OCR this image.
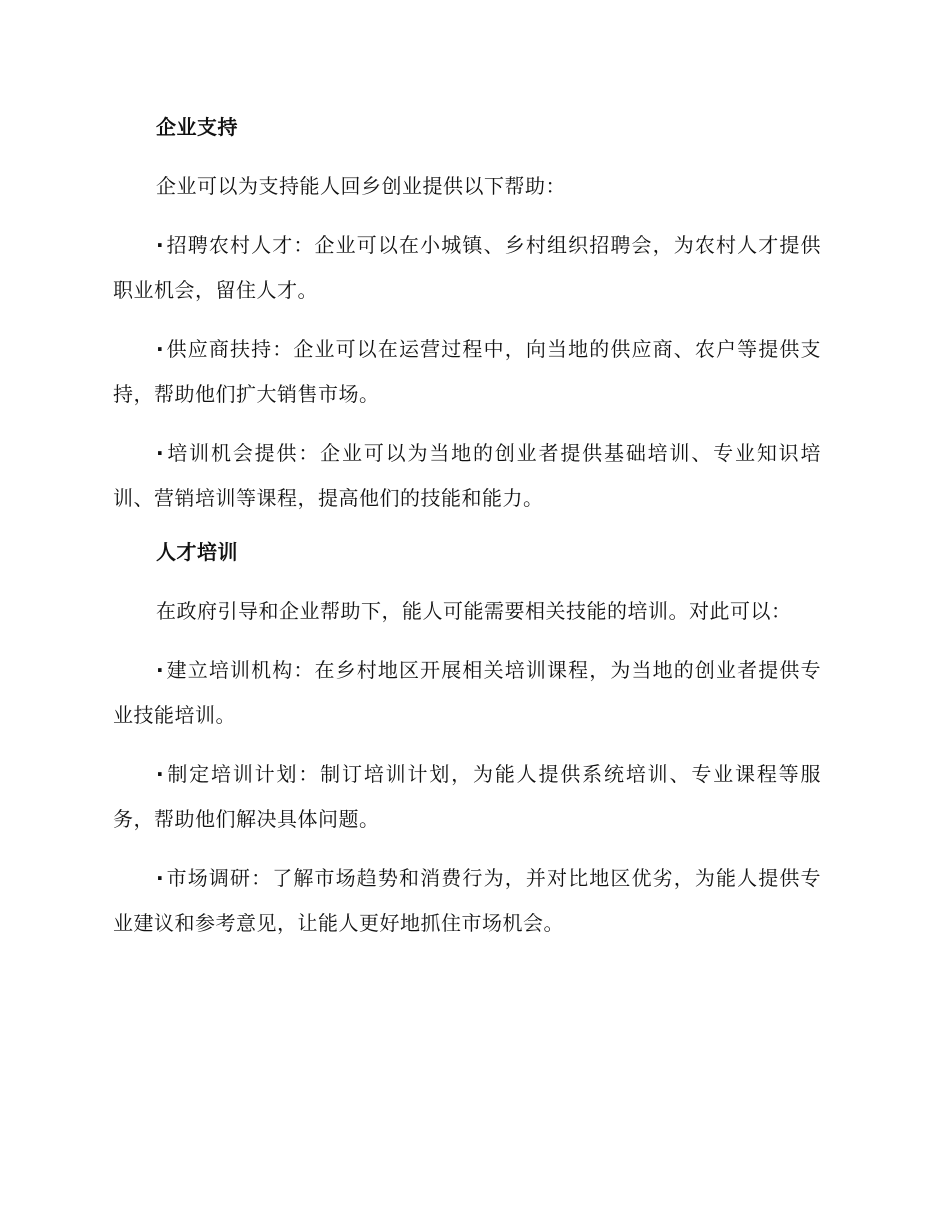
企业支持
企业可以为支持能人回乡创业提供以下帮助：
·招聘农村人才：企业可以在小城镇、乡村组织招聘会，为农村人才提供职业机会，留住人才。
·供应商扶持：企业可以在运营过程中，向当地的供应商、农户等提供支持，帮助他们扩大销售市场。
·培训机会提供：企业可以为当地的创业者提供基础培训、专业知识培训、营销培训等课程，提高他们的技能和能力。
人才培训
在政府引导和企业帮助下，能人可能需要相关技能的培训。对此可以：
·建立培训机构：在乡村地区开展相关培训课程，为当地的创业者提供专业技能培训。
·制定培训计划：制订培训计划，为能人提供系统培训、专业课程等服务，帮助他们解决具体问题。
·市场调研：了解市场趋势和消费行为，并对比地区优劣，为能人提供专业建议和参考意见，让能人更好地抓住市场机会。
